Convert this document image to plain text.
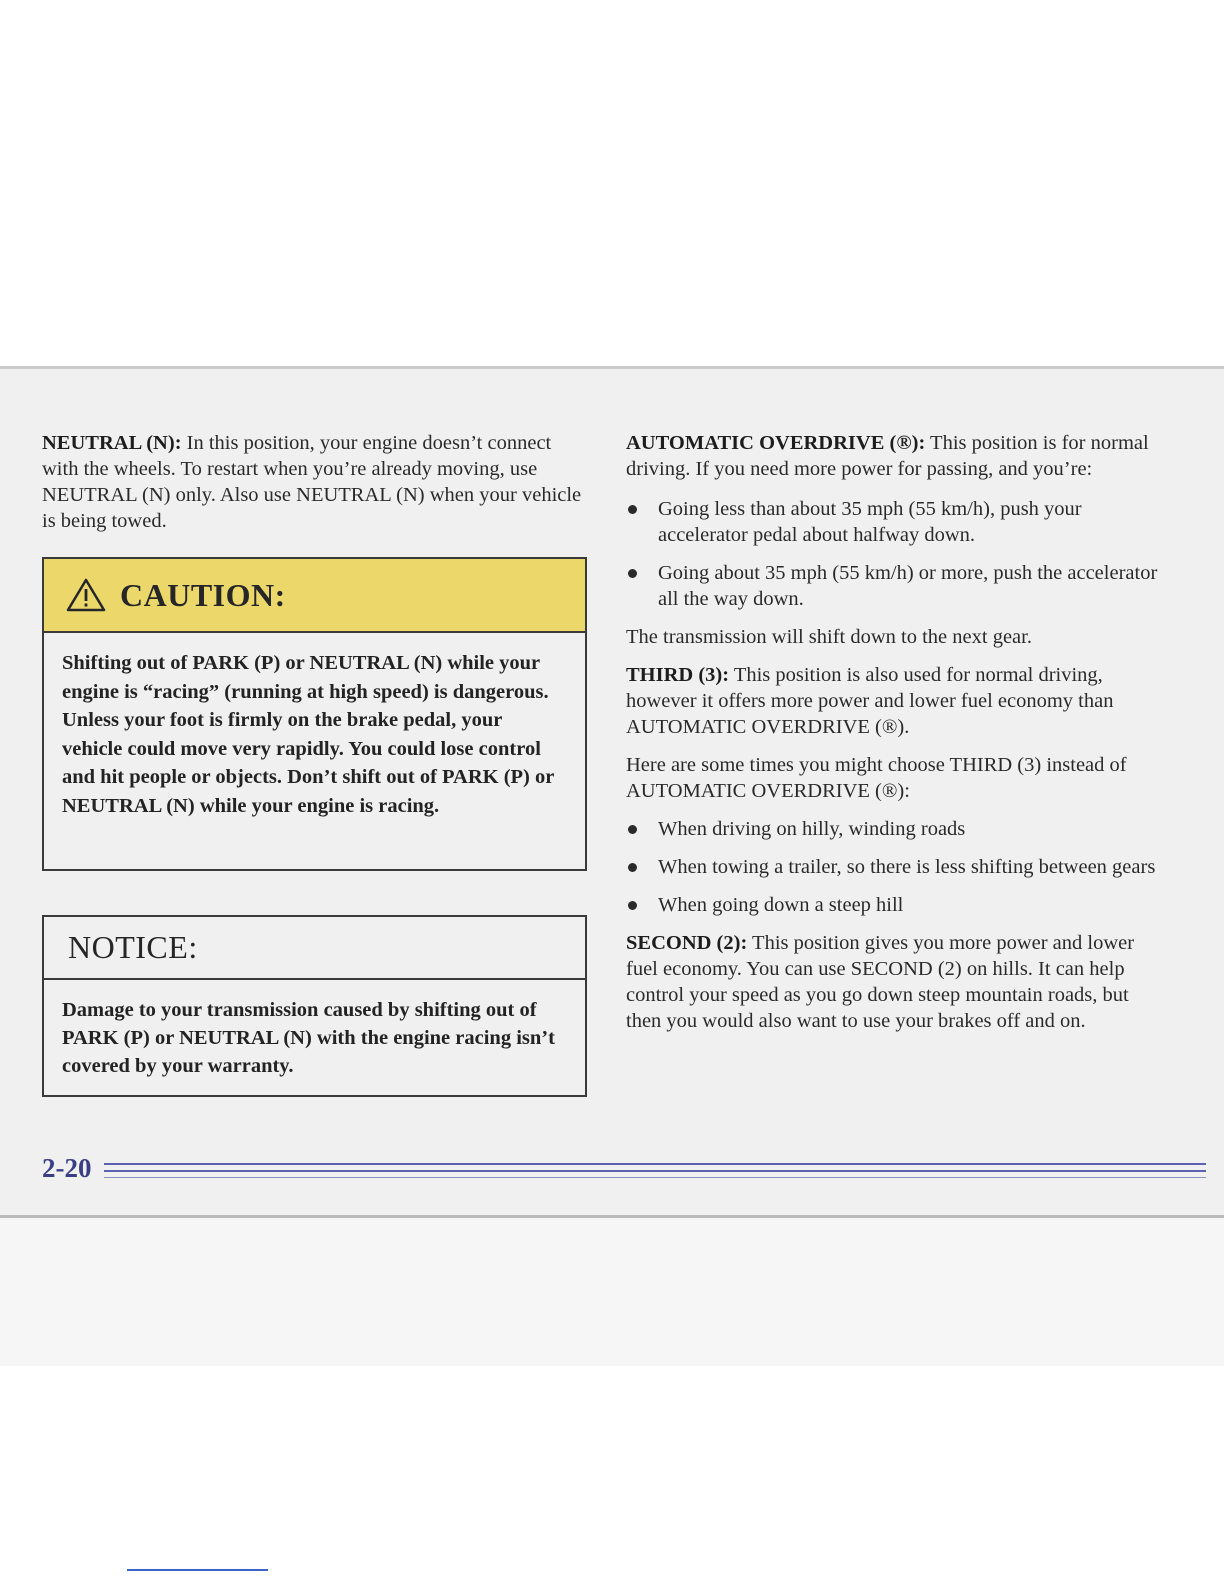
NEUTRAL (N): In this position, your engine doesn’t connect with the wheels. To restart when you’re already moving, use NEUTRAL (N) only. Also use NEUTRAL (N) when your vehicle is being towed.

CAUTION:
Shifting out of PARK (P) or NEUTRAL (N) while your engine is “racing” (running at high speed) is dangerous. Unless your foot is firmly on the brake pedal, your vehicle could move very rapidly. You could lose control and hit people or objects. Don’t shift out of PARK (P) or NEUTRAL (N) while your engine is racing.
NOTICE:
Damage to your transmission caused by shifting out of PARK (P) or NEUTRAL (N) with the engine racing isn’t covered by your warranty.

AUTOMATIC OVERDRIVE (®): This position is for normal driving. If you need more power for passing, and you’re:

Going less than about 35 mph (55 km/h), push your accelerator pedal about halfway down.
Going about 35 mph (55 km/h) or more, push the accelerator all the way down.

The transmission will shift down to the next gear.

THIRD (3): This position is also used for normal driving, however it offers more power and lower fuel economy than AUTOMATIC OVERDRIVE (®).

Here are some times you might choose THIRD (3) instead of AUTOMATIC OVERDRIVE (®):

When driving on hilly, winding roads
When towing a trailer, so there is less shifting between gears
When going down a steep hill

SECOND (2): This position gives you more power and lower fuel economy. You can use SECOND (2) on hills. It can help control your speed as you go down steep mountain roads, but then you would also want to use your brakes off and on.

2-20
